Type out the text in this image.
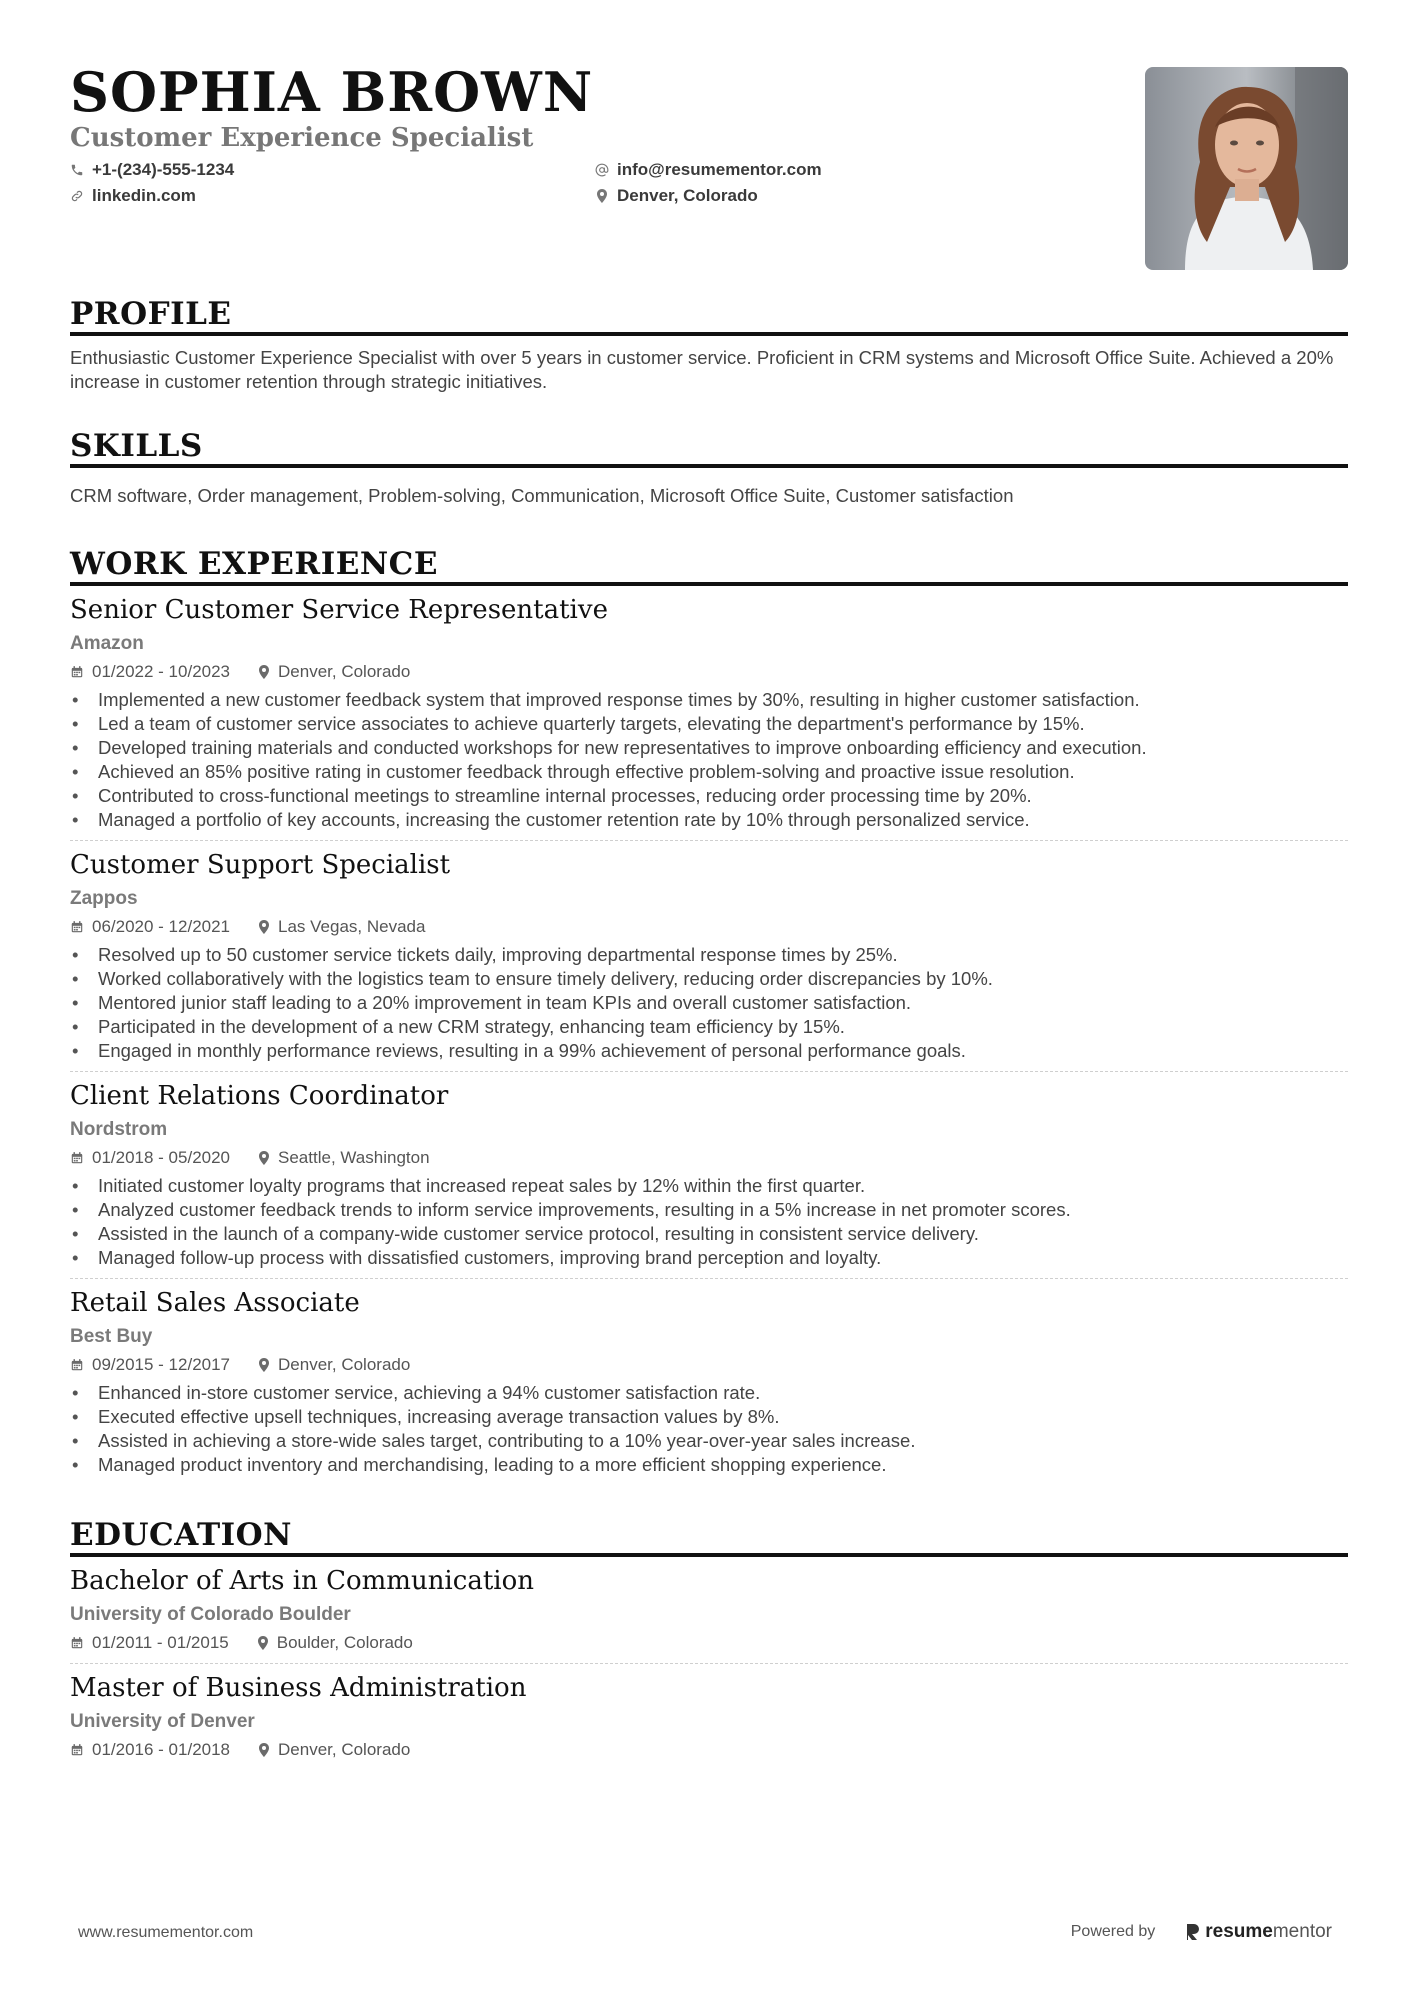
SOPHIA BROWN
Customer Experience Specialist
+1-(234)-555-1234	info@resumementor.com
linkedin.com	Denver, Colorado
PROFILE
Enthusiastic Customer Experience Specialist with over 5 years in customer service. Proficient in CRM systems and Microsoft Office Suite. Achieved a 20% increase in customer retention through strategic initiatives.
SKILLS
CRM software, Order management, Problem-solving, Communication, Microsoft Office Suite, Customer satisfaction
WORK EXPERIENCE
Senior Customer Service Representative
Amazon
01/2022 - 10/2023	Denver, Colorado
• Implemented a new customer feedback system that improved response times by 30%, resulting in higher customer satisfaction.
• Led a team of customer service associates to achieve quarterly targets, elevating the department's performance by 15%.
• Developed training materials and conducted workshops for new representatives to improve onboarding efficiency and execution.
• Achieved an 85% positive rating in customer feedback through effective problem-solving and proactive issue resolution.
• Contributed to cross-functional meetings to streamline internal processes, reducing order processing time by 20%.
• Managed a portfolio of key accounts, increasing the customer retention rate by 10% through personalized service.
Customer Support Specialist
Zappos
06/2020 - 12/2021	Las Vegas, Nevada
• Resolved up to 50 customer service tickets daily, improving departmental response times by 25%.
• Worked collaboratively with the logistics team to ensure timely delivery, reducing order discrepancies by 10%.
• Mentored junior staff leading to a 20% improvement in team KPIs and overall customer satisfaction.
• Participated in the development of a new CRM strategy, enhancing team efficiency by 15%.
• Engaged in monthly performance reviews, resulting in a 99% achievement of personal performance goals.
Client Relations Coordinator
Nordstrom
01/2018 - 05/2020	Seattle, Washington
• Initiated customer loyalty programs that increased repeat sales by 12% within the first quarter.
• Analyzed customer feedback trends to inform service improvements, resulting in a 5% increase in net promoter scores.
• Assisted in the launch of a company-wide customer service protocol, resulting in consistent service delivery.
• Managed follow-up process with dissatisfied customers, improving brand perception and loyalty.
Retail Sales Associate
Best Buy
09/2015 - 12/2017	Denver, Colorado
• Enhanced in-store customer service, achieving a 94% customer satisfaction rate.
• Executed effective upsell techniques, increasing average transaction values by 8%.
• Assisted in achieving a store-wide sales target, contributing to a 10% year-over-year sales increase.
• Managed product inventory and merchandising, leading to a more efficient shopping experience.
EDUCATION
Bachelor of Arts in Communication
University of Colorado Boulder
01/2011 - 01/2015	Boulder, Colorado
Master of Business Administration
University of Denver
01/2016 - 01/2018	Denver, Colorado
www.resumementor.com	Powered by	resume mentor
